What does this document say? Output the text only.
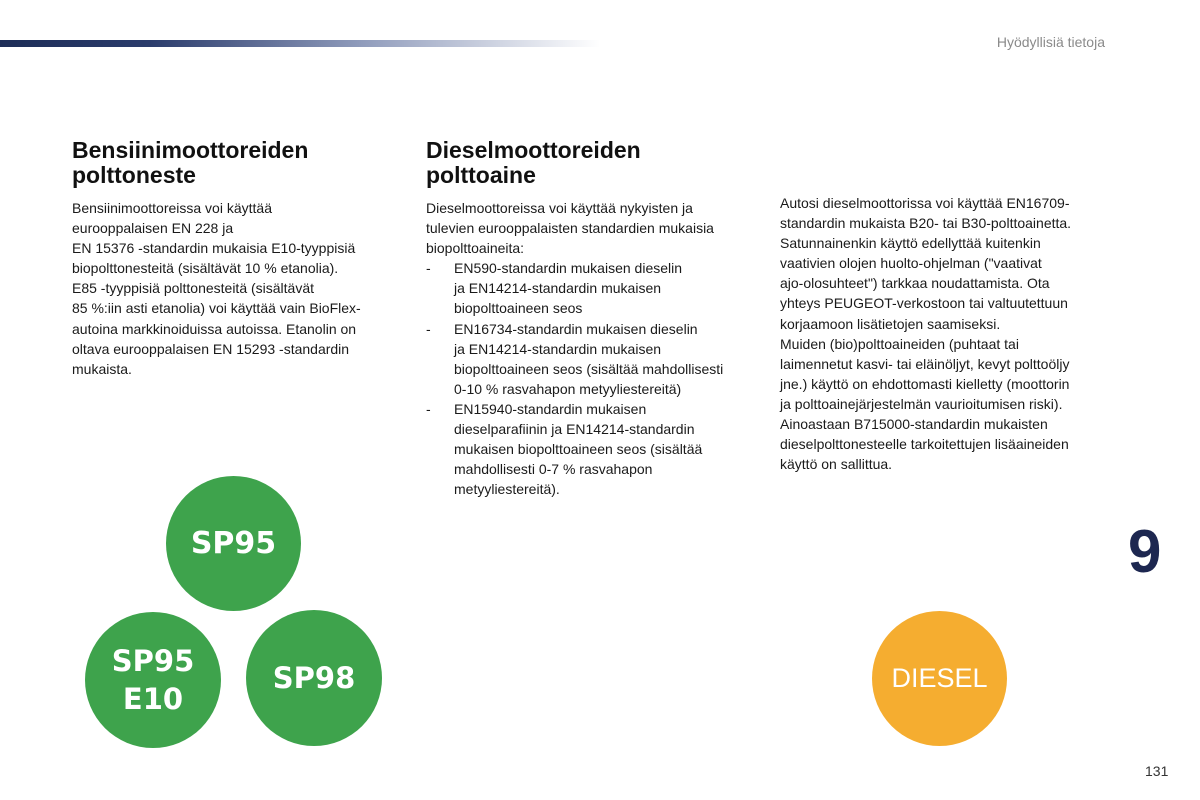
Hyödyllisiä tietoja
Bensiinimoottoreiden
polttoneste

Bensiinimoottoreissa voi käyttää
eurooppalaisen EN 228 ja
EN 15376 -standardin mukaisia E10-tyyppisiä
biopolttonesteitä (sisältävät 10 % etanolia).
E85 -tyyppisiä polttonesteitä (sisältävät
85 %:iin asti etanolia) voi käyttää vain BioFlex-
autoina markkinoiduissa autoissa. Etanolin on
oltava eurooppalaisen EN 15293 -standardin
mukaista.

Dieselmoottoreiden
polttoaine

Dieselmoottoreissa voi käyttää nykyisten ja
tulevien eurooppalaisten standardien mukaisia
biopolttoaineita:

- EN590-standardin mukaisen dieselin
ja EN14214-standardin mukaisen
biopolttoaineen seos
- EN16734-standardin mukaisen dieselin
ja EN14214-standardin mukaisen
biopolttoaineen seos (sisältää mahdollisesti
0-10 % rasvahapon metyyliestereitä)
- EN15940-standardin mukaisen
dieselparafiinin ja EN14214-standardin
mukaisen biopolttoaineen seos (sisältää
mahdollisesti 0-7 % rasvahapon
metyyliestereitä).

Autosi dieselmoottorissa voi käyttää EN16709-
standardin mukaista B20- tai B30-polttoainetta.
Satunnainenkin käyttö edellyttää kuitenkin
vaativien olojen huolto-ohjelman ("vaativat
ajo-olosuhteet") tarkkaa noudattamista. Ota
yhteys PEUGEOT-verkostoon tai valtuutettuun
korjaamoon lisätietojen saamiseksi.
Muiden (bio)polttoaineiden (puhtaat tai
laimennetut kasvi- tai eläinöljyt, kevyt polttoöljy
jne.) käyttö on ehdottomasti kielletty (moottorin
ja polttoainejärjestelmän vaurioitumisen riski).
Ainoastaan B715000-standardin mukaisten
dieselpolttonesteelle tarkoitettujen lisäaineiden
käyttö on sallittua.

9
SP95
SP95
E10
SP98	DIESEL
131
